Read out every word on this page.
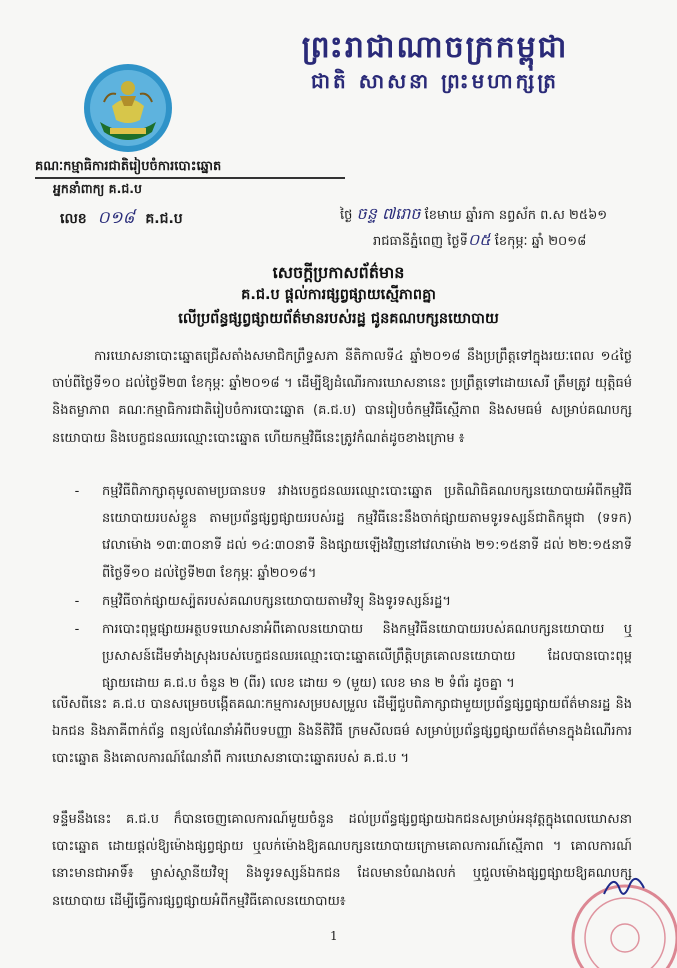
ព្រះរាជាណាចក្រកម្ពុជា
ជាតិ សាសនា ព្រះមហាក្សត្រ
គណៈកម្មាធិការជាតិរៀបចំការបោះឆ្នោត
អ្នកនាំពាក្យ គ.ជ.ប
លេខ ០១៨ គ.ជ.ប	ថ្ងៃ ចន្ទ ៧រោច ខែមាឃ ឆ្នាំរកា នព្វស័ក ព.ស ២៥៦១
រាជធានីភ្នំពេញ ថ្ងៃទី០៥ ខែកុម្ភៈ ឆ្នាំ ២០១៨
សេចក្តីប្រកាសព័ត៌មាន
គ.ជ.ប ផ្តល់ការផ្សព្វផ្សាយស្មើភាពគ្នា
លើប្រព័ន្ធផ្សព្វផ្សាយព័ត៌មានរបស់រដ្ឋ ជូនគណបក្សនយោបាយ
ការឃោសនាបោះឆ្នោតជ្រើសតាំងសមាជិកព្រឹទ្ធសភា នីតិកាលទី៤ ឆ្នាំ២០១៨ នឹងប្រព្រឹត្តទៅក្នុងរយៈពេល ១៤ថ្ងៃ ចាប់ពីថ្ងៃទី១០ ដល់ថ្ងៃទី២៣ ខែកុម្ភៈ ឆ្នាំ២០១៨ ។ ដើម្បីឱ្យដំណើរការឃោសនានេះ ប្រព្រឹត្តទៅដោយសេរី ត្រឹមត្រូវ យុត្តិធម៌ និងតម្លាភាព គណៈកម្មាធិការជាតិរៀបចំការបោះឆ្នោត (គ.ជ.ប) បានរៀបចំកម្មវិធីស្មើភាព និងសមធម៌ សម្រាប់គណបក្សនយោបាយ និងបេក្ខជនឈរឈ្មោះបោះឆ្នោត ហើយកម្មវិធីនេះត្រូវកំណត់ដូចខាងក្រោម ៖
-	កម្មវិធីពិភាក្សាតុមូលតាមប្រធានបទ រវាងបេក្ខជនឈរឈ្មោះបោះឆ្នោត ប្រតិណិធិគណបក្សនយោបាយអំពីកម្មវិធីនយោបាយរបស់ខ្លួន តាមប្រព័ន្ធផ្សព្វផ្សាយរបស់រដ្ឋ កម្មវិធីនេះនឹងចាក់ផ្សាយតាមទូរទស្សន៍ជាតិកម្ពុជា (ទទក) វេលាម៉ោង ១៣:៣០នាទី ដល់ ១៤:៣០នាទី និងផ្សាយឡើងវិញនៅវេលាម៉ោង ២១:១៥នាទី ដល់ ២២:១៥នាទី ពីថ្ងៃទី១០ ដល់ថ្ងៃទី២៣ ខែកុម្ភៈ ឆ្នាំ២០១៨។
-	កម្មវិធីចាក់ផ្សាយស្ប៉តរបស់គណបក្សនយោបាយតាមវិទ្យុ និងទូរទស្សន៍រដ្ឋ។
-	ការបោះពុម្ពផ្សាយអត្ថបទឃោសនាអំពីគោលនយោបាយ និងកម្មវិធីនយោបាយរបស់គណបក្សនយោបាយ ឬប្រសាសន៍ដើមទាំងស្រុងរបស់បេក្ខជនឈរឈ្មោះបោះឆ្នោតលើព្រឹត្តិបត្រគោលនយោបាយ ដែលបានបោះពុម្ពផ្សាយដោយ គ.ជ.ប ចំនួន ២ (ពីរ) លេខ ដោយ ១ (មួយ) លេខ មាន ២ ទំព័រ ដូចគ្នា ។
លើសពីនេះ គ.ជ.ប បានសម្រេចបង្កើតគណៈកម្មការសម្របសម្រួល ដើម្បីជួបពិភាក្សាជាមួយប្រព័ន្ធផ្សព្វផ្សាយព័ត៌មានរដ្ឋ និងឯកជន និងភាគីពាក់ព័ន្ធ ពន្យល់ណែនាំអំពីបទបញ្ញា និងនីតិវិធី ក្រមសីលធម៌ សម្រាប់ប្រព័ន្ធផ្សព្វផ្សាយព័ត៌មានក្នុងដំណើរការបោះឆ្នោត និងគោលការណ៍ណែនាំពី ការឃោសនាបោះឆ្នោតរបស់ គ.ជ.ប ។
ទន្ទឹមនឹងនេះ គ.ជ.ប ក៏បានចេញគោលការណ៍មួយចំនួន ដល់ប្រព័ន្ធផ្សព្វផ្សាយឯកជនសម្រាប់អនុវត្តក្នុងពេលឃោសនាបោះឆ្នោត ដោយផ្តល់ឱ្យម៉ោងផ្សព្វផ្សាយ ឬលក់ម៉ោងឱ្យគណបក្សនយោបាយក្រោមគោលការណ៍ស្មើភាព ។ គោលការណ៍នោះមានជាអាទិ៍៖ ម្ចាស់ស្ថានីយវិទ្យុ និងទូរទស្សន៍ឯកជន ដែលមានបំណងលក់ ឬជួលម៉ោងផ្សព្វផ្សាយឱ្យគណបក្សនយោបាយ ដើម្បីធ្វើការផ្សព្វផ្សាយអំពីកម្មវិធីគោលនយោបាយ៖
1
